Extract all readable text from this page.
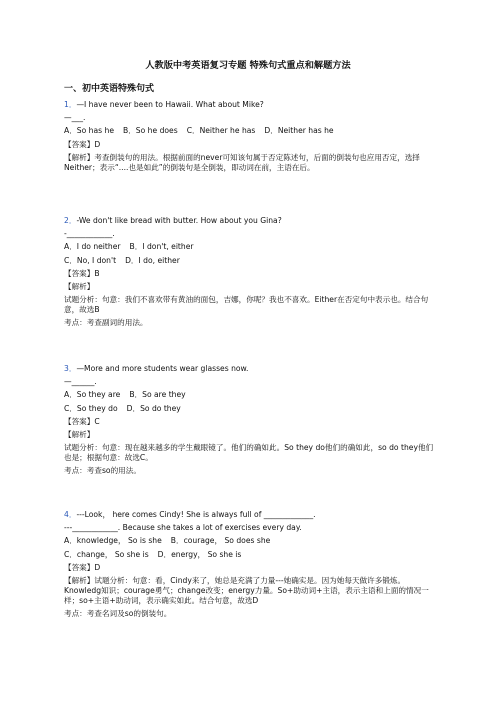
人教版中考英语复习专题 特殊句式重点和解题方法
一、初中英语特殊句式
1．—I have never been to Hawaii. What about Mike?
—___.
A．So has he B．So he does C．Neither he has D．Neither has he
【答案】D
【解析】考查倒装句的用法。根据前面的never可知该句属于否定陈述句，后面的倒装句也应用否定，选择Neither；表示“....也是如此”的倒装句是全倒装，即动词在前，主语在后。
2．-We don't like bread with butter. How about you Gina?
-____________.
A．I do neither B．I don't, either
C．No, I don't D．I do, either
【答案】B
【解析】
试题分析：句意：我们不喜欢带有黄油的面包，吉娜，你呢？我也不喜欢。Either在否定句中表示也。结合句意，故选B
考点：考查副词的用法。
3．—More and more students wear glasses now.
—______.
A．So they are B．So are they
C．So they do D．So do they
【答案】C
【解析】
试题分析：句意：现在越来越多的学生戴眼镜了。他们的确如此。So they do他们的确如此，so do they他们也是；根据句意：故选C。
考点：考查so的用法。
4．---Look， here comes Cindy! She is always full of _____________.
---____________. Because she takes a lot of exercises every day.
A．knowledge， So is she B．courage， So does she
C．change， So she is D．energy， So she is
【答案】D
【解析】试题分析：句意：看，Cindy来了，她总是充满了力量---她确实是。因为她每天做许多锻炼。Knowledg知识；courage勇气；change改变；energy力量。So+助动词+主语，表示主语和上面的情况一样；so+主语+助动词，表示确实如此。结合句意，故选D
考点：考查名词及so的倒装句。
